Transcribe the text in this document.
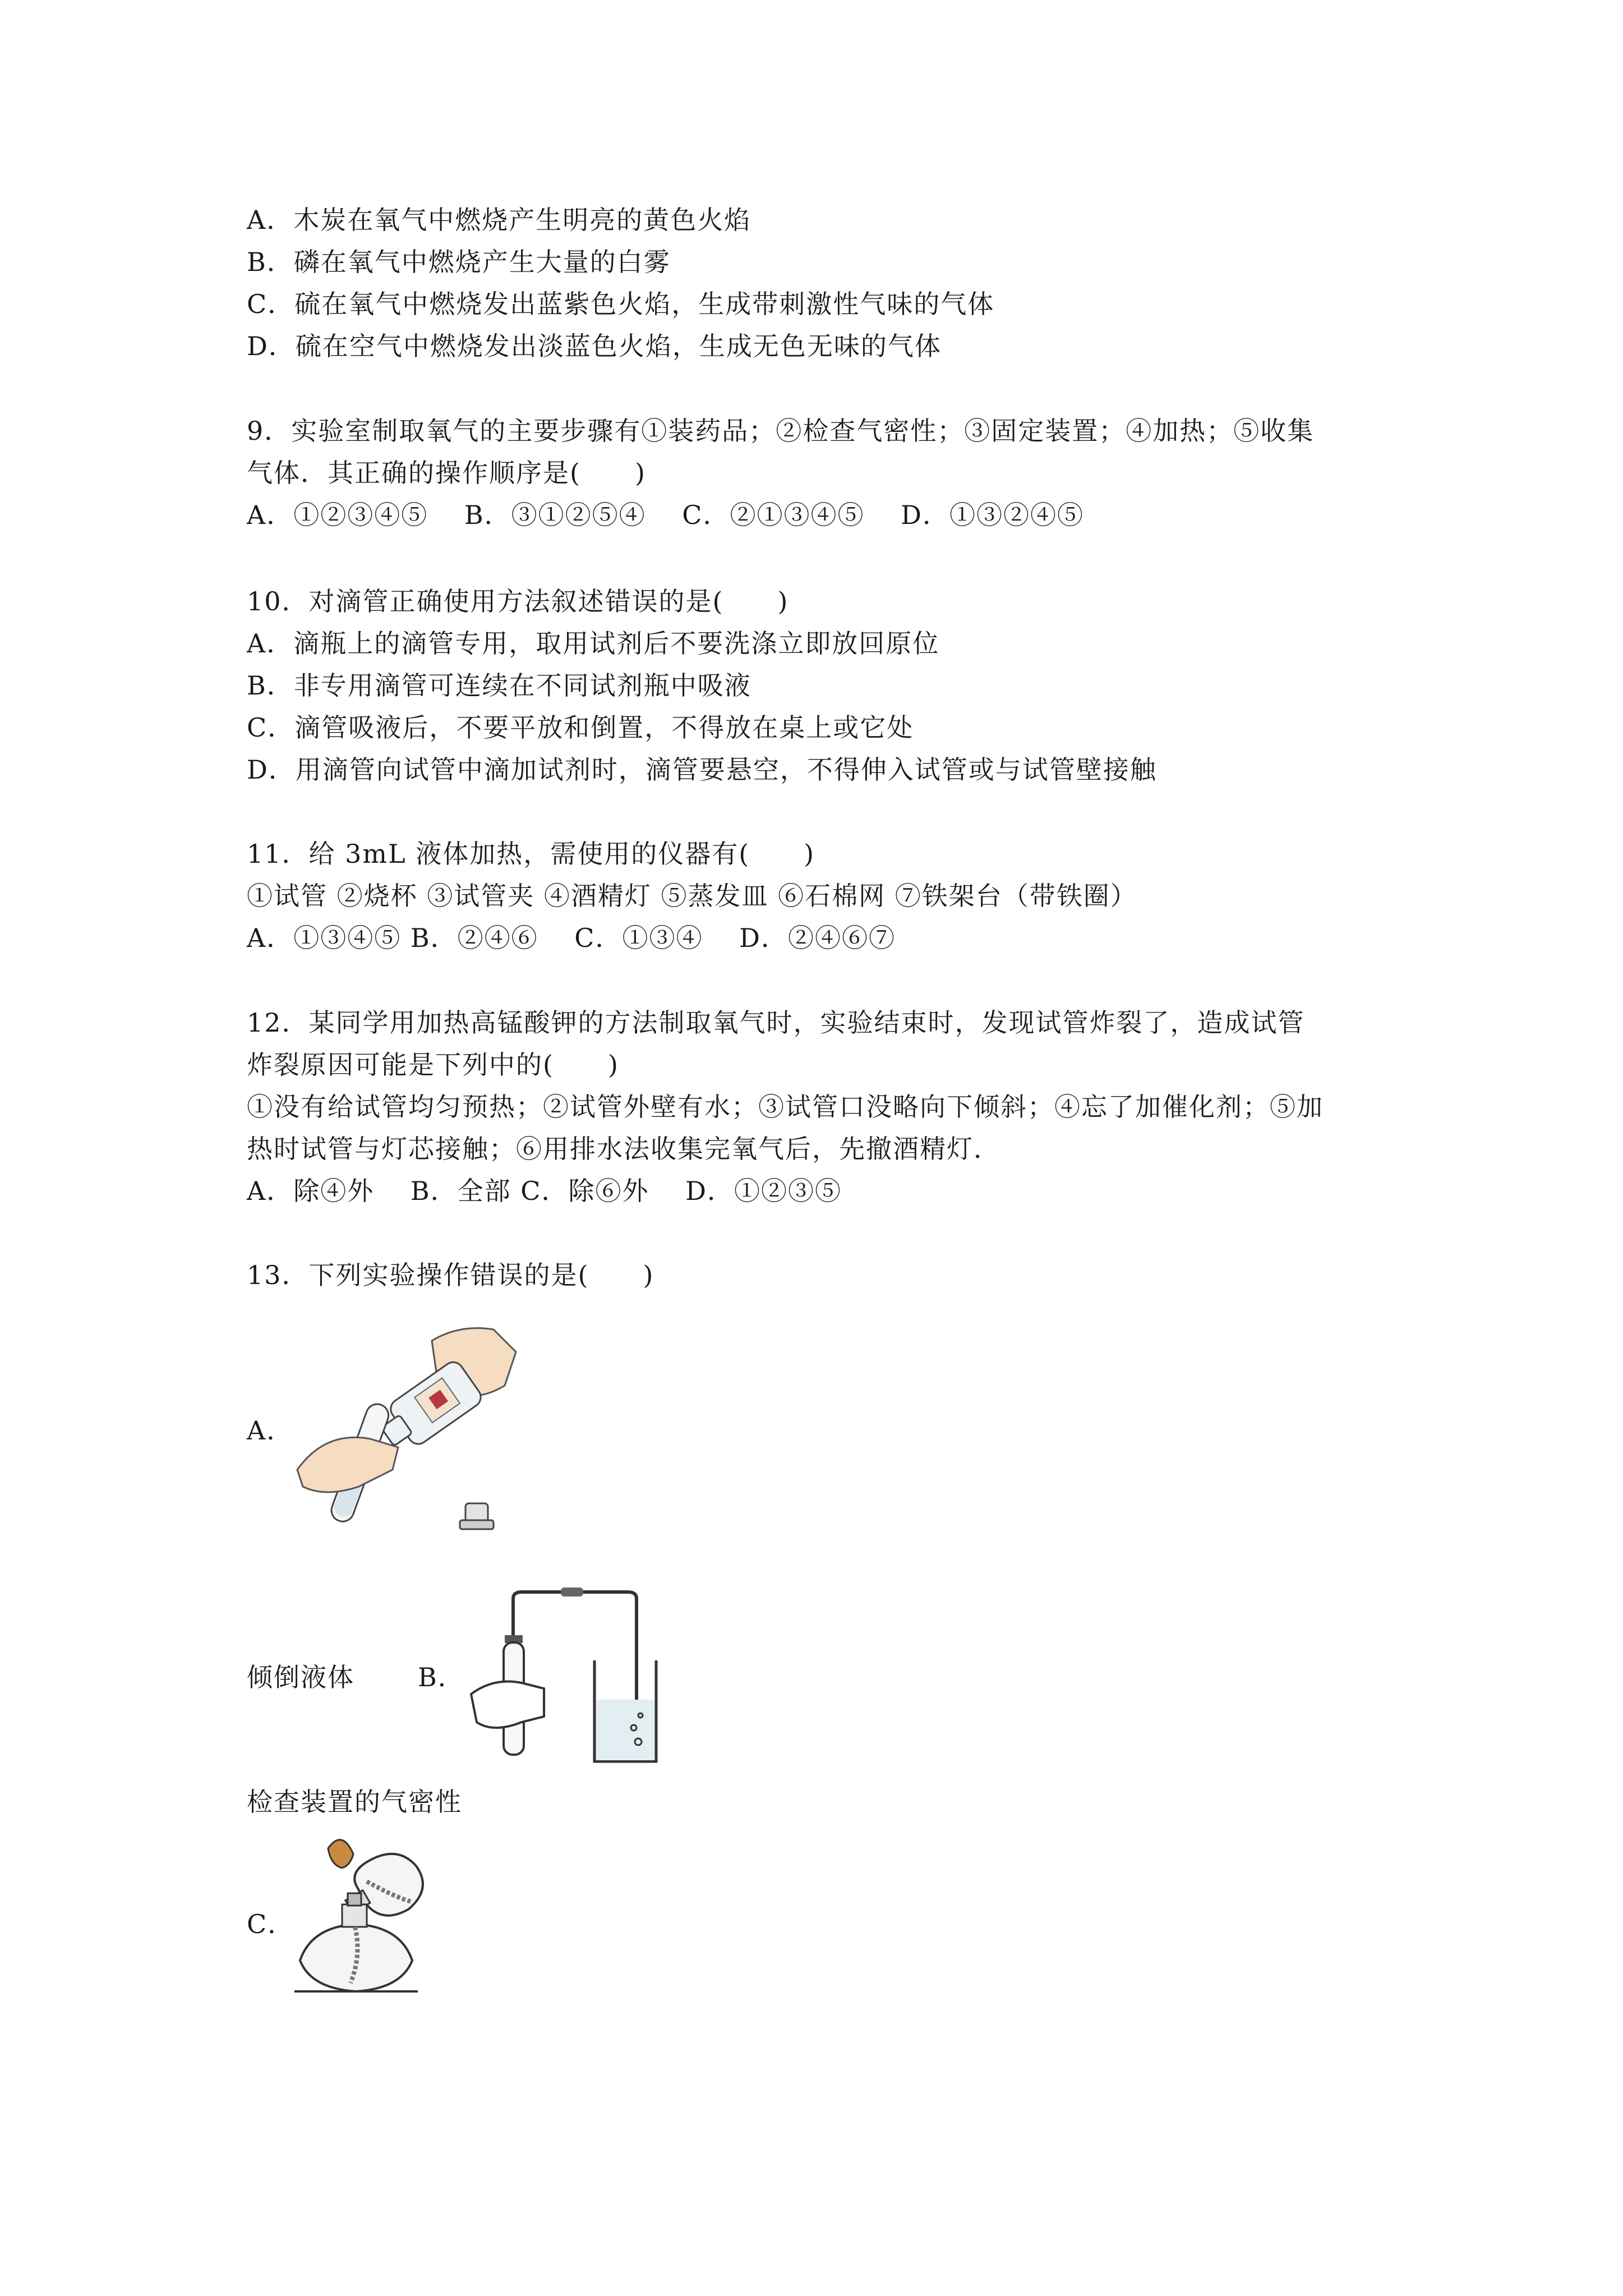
A．木炭在氧气中燃烧产生明亮的黄色火焰
B．磷在氧气中燃烧产生大量的白雾
C．硫在氧气中燃烧发出蓝紫色火焰，生成带刺激性气味的气体
D．硫在空气中燃烧发出淡蓝色火焰，生成无色无味的气体
9．实验室制取氧气的主要步骤有①装药品；②检查气密性；③固定装置；④加热；⑤收集
气体．其正确的操作顺序是(　　)
A．①②③④⑤　 B．③①②⑤④　 C．②①③④⑤　 D．①③②④⑤
10．对滴管正确使用方法叙述错误的是(　　)
A．滴瓶上的滴管专用，取用试剂后不要洗涤立即放回原位
B．非专用滴管可连续在不同试剂瓶中吸液
C．滴管吸液后，不要平放和倒置，不得放在桌上或它处
D．用滴管向试管中滴加试剂时，滴管要悬空，不得伸入试管或与试管壁接触
11．给 3mL 液体加热，需使用的仪器有(　　)
①试管 ②烧杯 ③试管夹 ④酒精灯 ⑤蒸发皿 ⑥石棉网 ⑦铁架台（带铁圈）
A．①③④⑤ B．②④⑥　 C．①③④　 D．②④⑥⑦
12．某同学用加热高锰酸钾的方法制取氧气时，实验结束时，发现试管炸裂了，造成试管
炸裂原因可能是下列中的(　　)
①没有给试管均匀预热；②试管外壁有水；③试管口没略向下倾斜；④忘了加催化剂；⑤加
热时试管与灯芯接触；⑥用排水法收集完氧气后，先撤酒精灯．
A．除④外　 B．全部 C．除⑥外　 D．①②③⑤
13．下列实验操作错误的是(　　)
A．
倾倒液体 B．
检查装置的气密性
C．
